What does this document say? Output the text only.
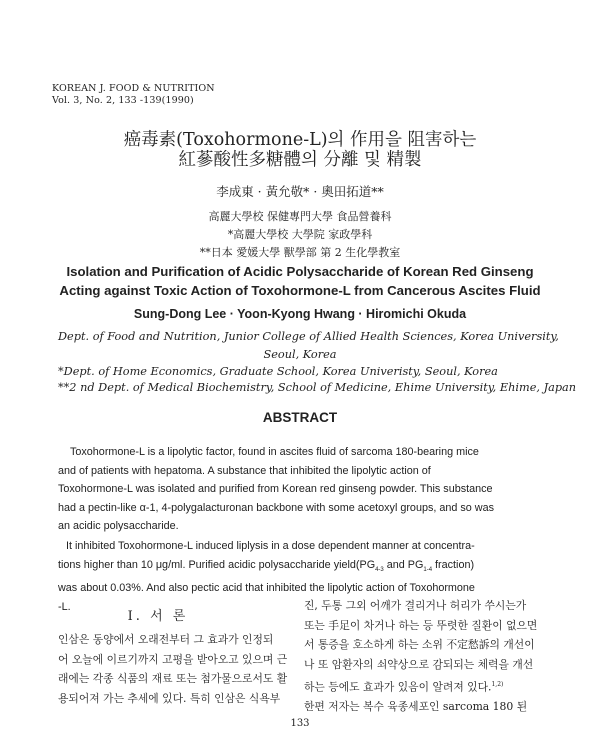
KOREAN J. FOOD & NUTRITION
Vol. 3, No. 2, 133 -139(1990)
癌毒素(Toxohormone-L)의 作用을 阻害하는
紅蔘酸性多糖體의 分離 및 精製
李成東 · 黃允敬* · 奧田拓道**
高麗大學校 保健專門大學 食品營養科
*高麗大學校 大學院 家政學科
**日本 愛媛大學 獸學部 第 2 生化學教室
Isolation and Purification of Acidic Polysaccharide of Korean Red Ginseng
Acting against Toxic Action of Toxohormone-L from Cancerous Ascites Fluid
Sung-Dong Lee · Yoon-Kyong Hwang · Hiromichi Okuda
Dept. of Food and Nutrition, Junior College of Allied Health Sciences, Korea University,
Seoul, Korea
*Dept. of Home Economics, Graduate School, Korea Univeristy, Seoul, Korea
**2 nd Dept. of Medical Biochemistry, School of Medicine, Ehime University, Ehime, Japan
ABSTRACT
Toxohormone-L is a lipolytic factor, found in ascites fluid of sarcoma 180-bearing mice
and of patients with hepatoma. A substance that inhibited the lipolytic action of
Toxohormone-L was isolated and purified from Korean red ginseng powder. This substance
had a pectin-like α-1, 4-polygalacturonan backbone with some acetoxyl groups, and so was
an acidic polysaccharide.
It inhibited Toxohormone-L induced liplysis in a dose dependent manner at concentra-
tions higher than 10 μg/ml. Purified acidic polysaccharide $yield(PG_{4-3}$ and $PG_{1-4}$ fraction)
was about 0.03%. And also pectic acid that inhibited the lipolytic action of Toxohormone
-L.
I. 서 론
인삼은 동양에서 오래전부터 그 효과가 인정되
어 오늘에 이르기까지 고평을 받아오고 있으며 근
래에는 각종 식품의 재료 또는 첨가물으로서도 활
용되어져 가는 추세에 있다. 특히 인삼은 식욕부
진, 두통 그외 어깨가 결리거나 허리가 쑤시는가
또는 手足이 차거나 하는 등 뚜렷한 질환이 없으면
서 통증을 호소하게 하는 소위 不定愁訴의 개선이
나 또 암환자의 쇠약상으로 감되되는 체력을 개선
하는 등에도 효과가 있음이 알려져 있다.$^{1,2)}$
한편 저자는 복수 육종세포인 sarcoma 180 된
133
